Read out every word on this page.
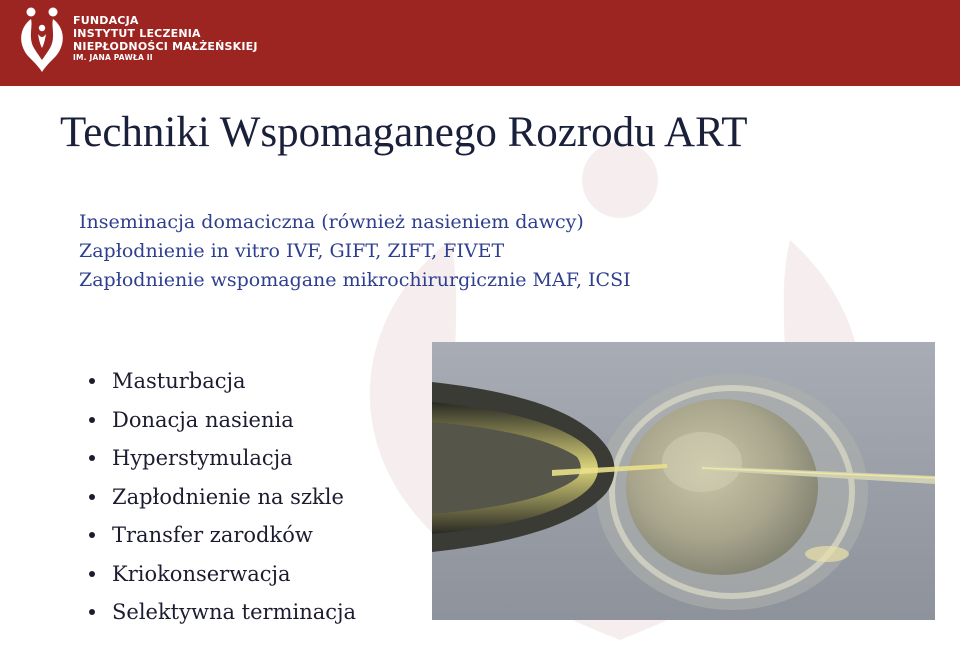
FUNDACJA
INSTYTUT LECZENIA
NIEPŁODNOŚCI MAŁŻEŃSKIEJ
IM. JANA PAWŁA II
Techniki Wspomaganego Rozrodu ART
Inseminacja domaciczna (również nasieniem dawcy)
Zapłodnienie in vitro IVF, GIFT, ZIFT, FIVET
Zapłodnienie wspomagane mikrochirurgicznie MAF, ICSI
Masturbacja
Donacja nasienia
Hyperstymulacja
Zapłodnienie na szkle
Transfer zarodków
Kriokonserwacja
Selektywna terminacja
